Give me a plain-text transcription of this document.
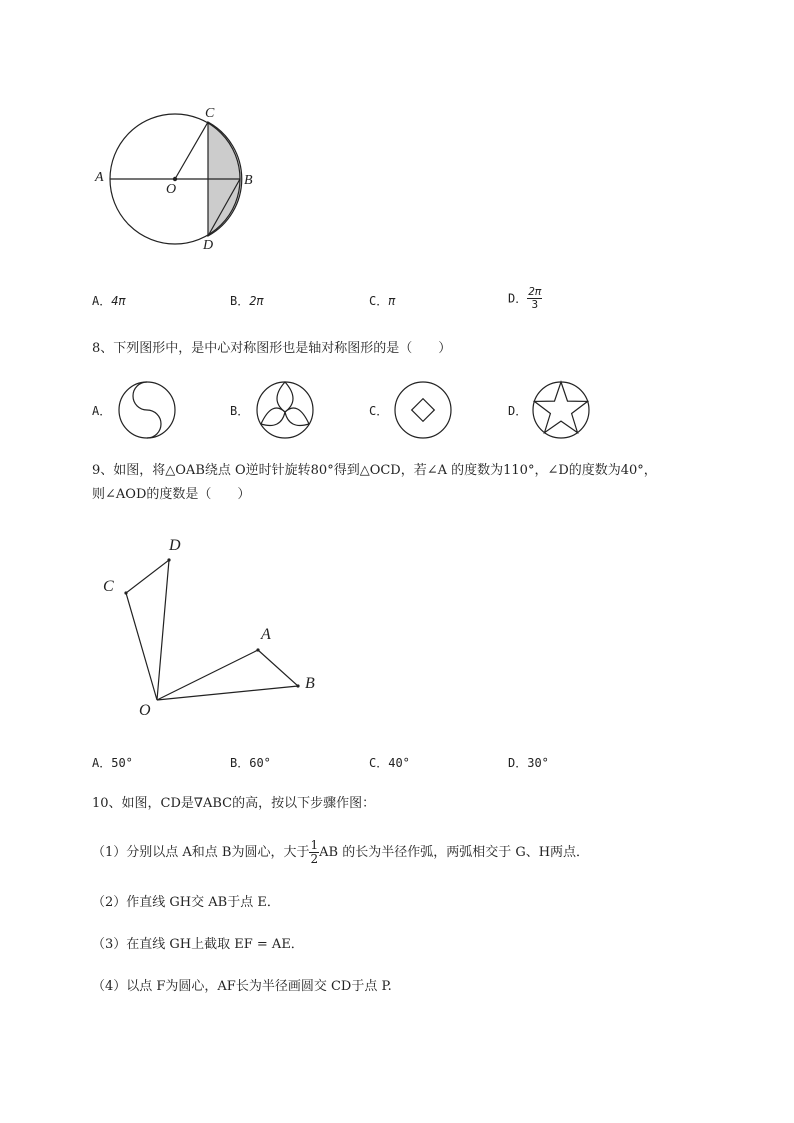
C
A
O
B
D
A．4π	B．2π	C．π	D． $\frac{2\pi}{3}$
8、下列图形中，是中心对称图形也是轴对称图形的是（　　）
A．	B．	C．	D．
9、如图，将△OAB绕点 O逆时针旋转80°得到△OCD，若∠A 的度数为110°，∠D的度数为40°，
则∠AOD的度数是（　　）
D
C
A
B
O
A．50°	B．60°	C．40°	D．30°
10、如图，CD是∇ABC的高，按以下步骤作图：
（1）分别以点 A和点 B为圆心，大于 $\frac{1}{2}$ AB 的长为半径作弧，两弧相交于 G、H两点．
（2）作直线 GH交 AB于点 E．
（3）在直线 GH上截取 EF = AE．
（4）以点 F为圆心，AF长为半径画圆交 CD于点 P.
